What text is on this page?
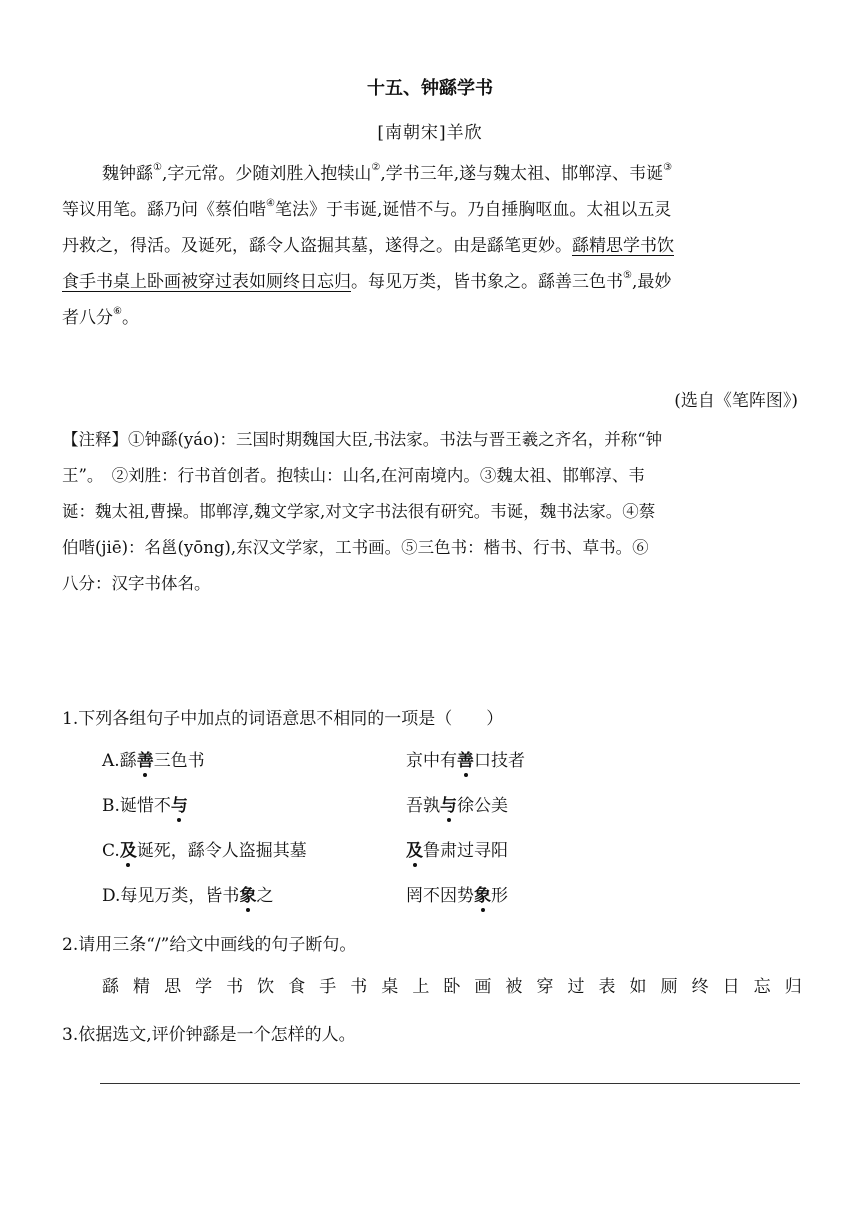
十五、钟繇学书
[南朝宋]羊欣
魏钟繇①,字元常。少随刘胜入抱犊山②,学书三年,遂与魏太祖、邯郸淳、韦诞③
等议用笔。繇乃问《蔡伯喈④笔法》于韦诞,诞惜不与。乃自捶胸呕血。太祖以五灵
丹救之，得活。及诞死，繇令人盗掘其墓，遂得之。由是繇笔更妙。繇精思学书饮
食手书桌上卧画被穿过表如厕终日忘归。每见万类，皆书象之。繇善三色书⑤,最妙
者八分⑥。
(选自《笔阵图》)
【注释】①钟繇(yáo)：三国时期魏国大臣,书法家。书法与晋王羲之齐名，并称“钟
王”。　②刘胜：行书首创者。抱犊山：山名,在河南境内。③魏太祖、邯郸淳、韦
诞：魏太祖,曹操。邯郸淳,魏文学家,对文字书法很有研究。韦诞，魏书法家。④蔡
伯喈(jiē)：名邕(yōng),东汉文学家，工书画。⑤三色书：楷书、行书、草书。⑥
八分：汉字书体名。
1.下列各组句子中加点的词语意思不相同的一项是（　　）
A.繇善三色书	京中有善口技者
B.诞惜不与	吾孰与徐公美
C.及诞死，繇令人盗掘其墓	及鲁肃过寻阳
D.每见万类，皆书象之	罔不因势象形
2.请用三条“/”给文中画线的句子断句。
繇 精 思 学 书 饮 食 手 书 桌 上 卧 画 被 穿 过 表 如 厕 终 日 忘 归
3.依据选文,评价钟繇是一个怎样的人。
